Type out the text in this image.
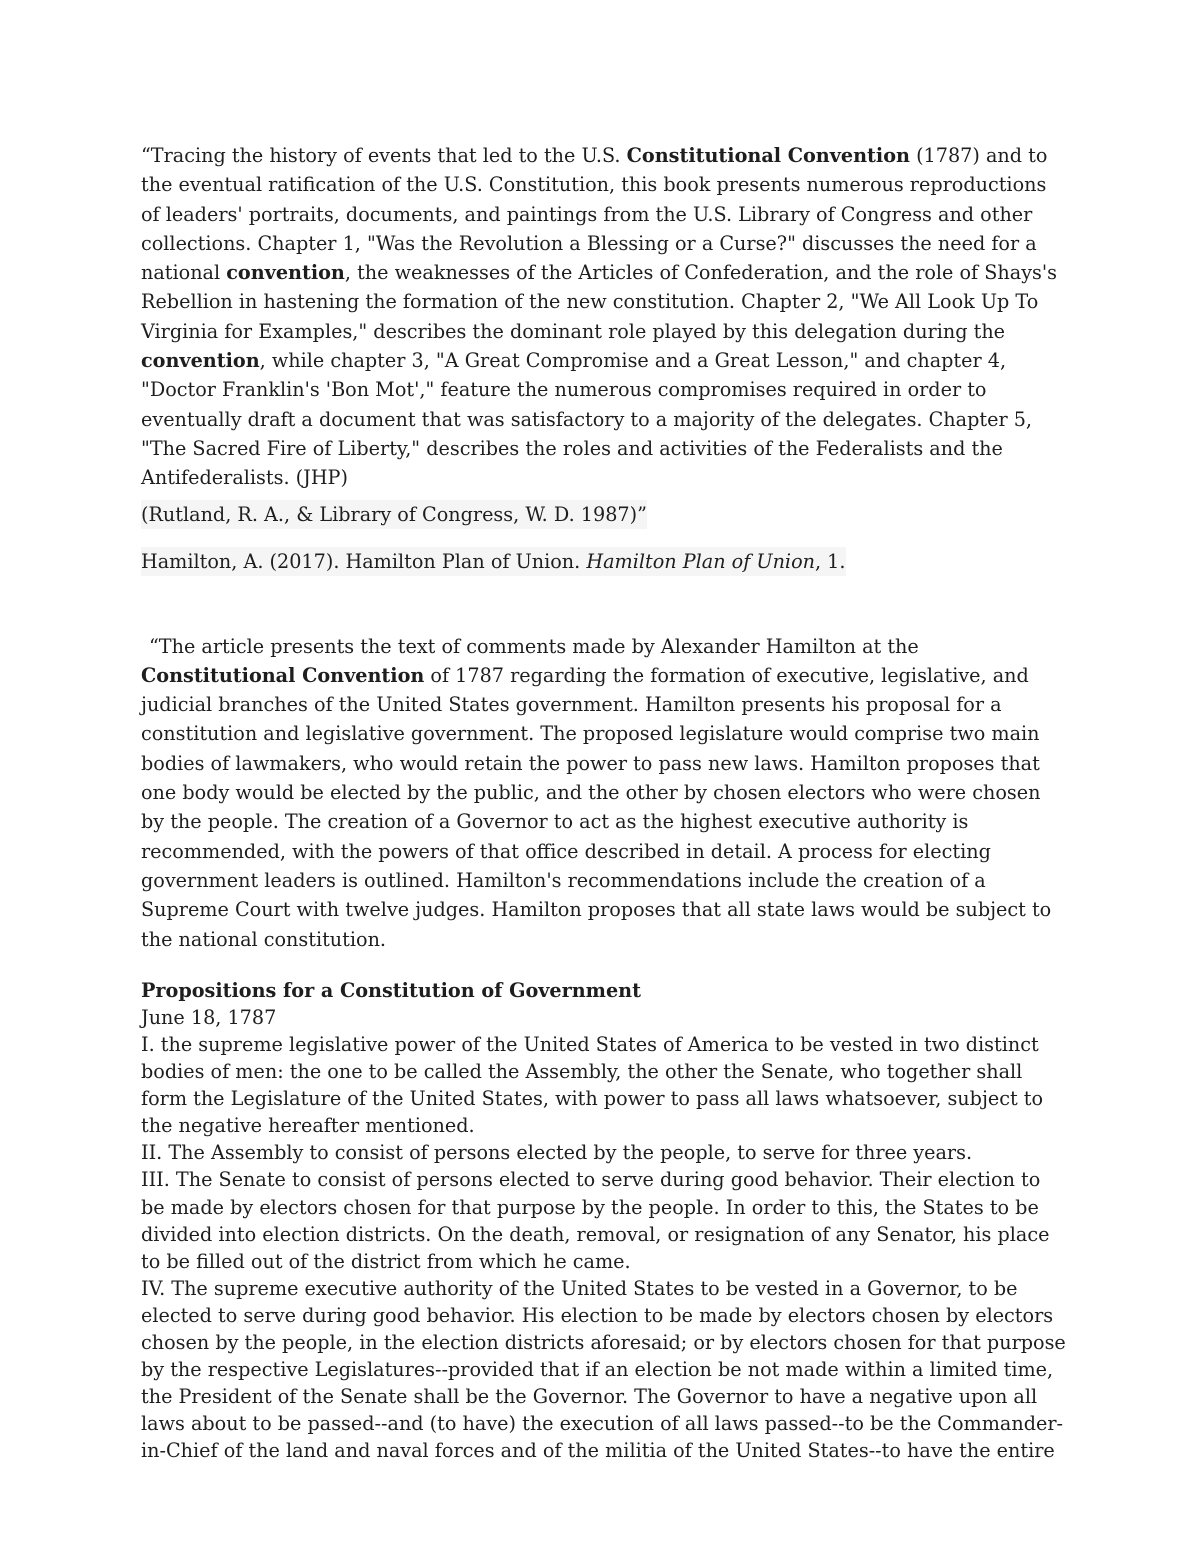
“Tracing the history of events that led to the U.S. Constitutional Convention (1787) and to the eventual ratification of the U.S. Constitution, this book presents numerous reproductions of leaders' portraits, documents, and paintings from the U.S. Library of Congress and other collections. Chapter 1, "Was the Revolution a Blessing or a Curse?" discusses the need for a national convention, the weaknesses of the Articles of Confederation, and the role of Shays's Rebellion in hastening the formation of the new constitution. Chapter 2, "We All Look Up To Virginia for Examples," describes the dominant role played by this delegation during the convention, while chapter 3, "A Great Compromise and a Great Lesson," and chapter 4, "Doctor Franklin's 'Bon Mot'," feature the numerous compromises required in order to eventually draft a document that was satisfactory to a majority of the delegates. Chapter 5, "The Sacred Fire of Liberty," describes the roles and activities of the Federalists and the Antifederalists. (JHP)

(Rutland, R. A., & Library of Congress, W. D. 1987)”
Hamilton, A. (2017). Hamilton Plan of Union. Hamilton Plan of Union, 1.

“The article presents the text of comments made by Alexander Hamilton at the Constitutional Convention of 1787 regarding the formation of executive, legislative, and judicial branches of the United States government. Hamilton presents his proposal for a constitution and legislative government. The proposed legislature would comprise two main bodies of lawmakers, who would retain the power to pass new laws. Hamilton proposes that one body would be elected by the public, and the other by chosen electors who were chosen by the people. The creation of a Governor to act as the highest executive authority is recommended, with the powers of that office described in detail. A process for electing government leaders is outlined. Hamilton's recommendations include the creation of a Supreme Court with twelve judges. Hamilton proposes that all state laws would be subject to the national constitution.

Propositions for a Constitution of Government

June 18, 1787

I. the supreme legislative power of the United States of America to be vested in two distinct bodies of men: the one to be called the Assembly, the other the Senate, who together shall form the Legislature of the United States, with power to pass all laws whatsoever, subject to the negative hereafter mentioned.

II. The Assembly to consist of persons elected by the people, to serve for three years.

III. The Senate to consist of persons elected to serve during good behavior. Their election to be made by electors chosen for that purpose by the people. In order to this, the States to be divided into election districts. On the death, removal, or resignation of any Senator, his place to be filled out of the district from which he came.

IV. The supreme executive authority of the United States to be vested in a Governor, to be elected to serve during good behavior. His election to be made by electors chosen by electors chosen by the people, in the election districts aforesaid; or by electors chosen for that purpose by the respective Legislatures--provided that if an election be not made within a limited time, the President of the Senate shall be the Governor. The Governor to have a negative upon all laws about to be passed--and (to have) the execution of all laws passed--to be the Commander-in-Chief of the land and naval forces and of the militia of the United States--to have the entire
